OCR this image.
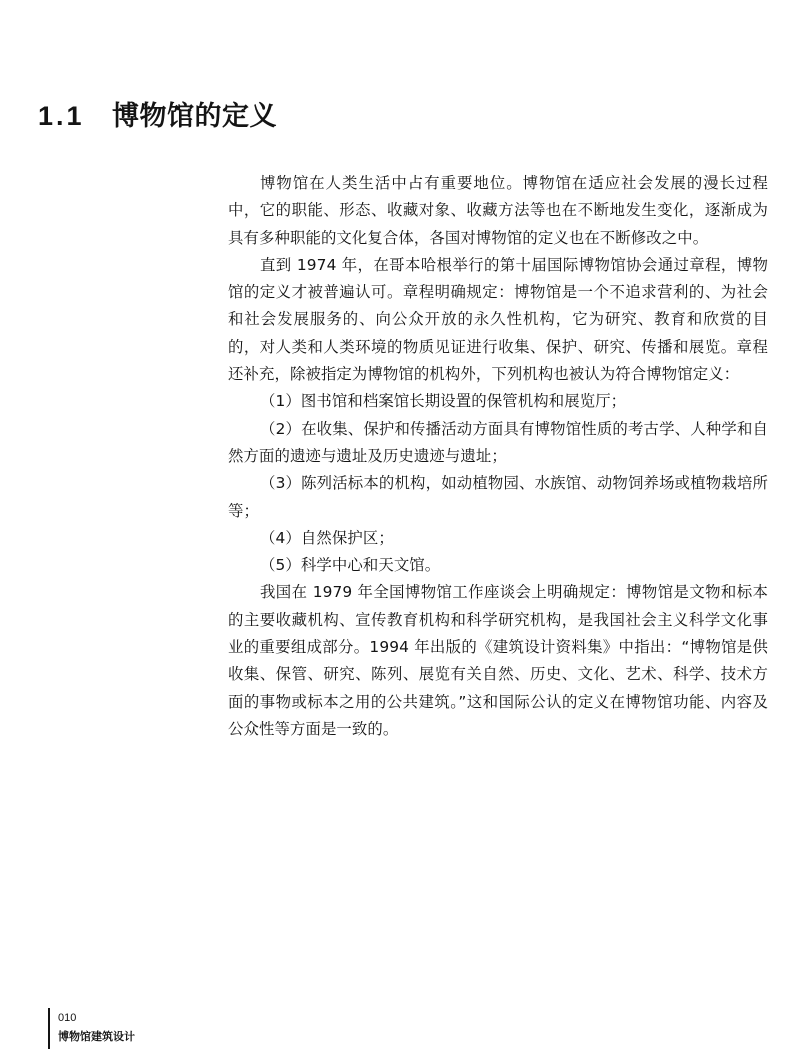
1.1 博物馆的定义

博物馆在人类生活中占有重要地位。博物馆在适应社会发展的漫长过程中，它的职能、形态、收藏对象、收藏方法等也在不断地发生变化，逐渐成为具有多种职能的文化复合体，各国对博物馆的定义也在不断修改之中。

直到 1974 年，在哥本哈根举行的第十届国际博物馆协会通过章程，博物馆的定义才被普遍认可。章程明确规定：博物馆是一个不追求营利的、为社会和社会发展服务的、向公众开放的永久性机构，它为研究、教育和欣赏的目的，对人类和人类环境的物质见证进行收集、保护、研究、传播和展览。章程还补充，除被指定为博物馆的机构外，下列机构也被认为符合博物馆定义：

（1）图书馆和档案馆长期设置的保管机构和展览厅；

（2）在收集、保护和传播活动方面具有博物馆性质的考古学、人种学和自然方面的遗迹与遗址及历史遗迹与遗址；

（3）陈列活标本的机构，如动植物园、水族馆、动物饲养场或植物栽培所等；

（4）自然保护区；

（5）科学中心和天文馆。

我国在 1979 年全国博物馆工作座谈会上明确规定：博物馆是文物和标本的主要收藏机构、宣传教育机构和科学研究机构，是我国社会主义科学文化事业的重要组成部分。1994 年出版的《建筑设计资料集》中指出：“博物馆是供收集、保管、研究、陈列、展览有关自然、历史、文化、艺术、科学、技术方面的事物或标本之用的公共建筑。”这和国际公认的定义在博物馆功能、内容及公众性等方面是一致的。

010
博物馆建筑设计
